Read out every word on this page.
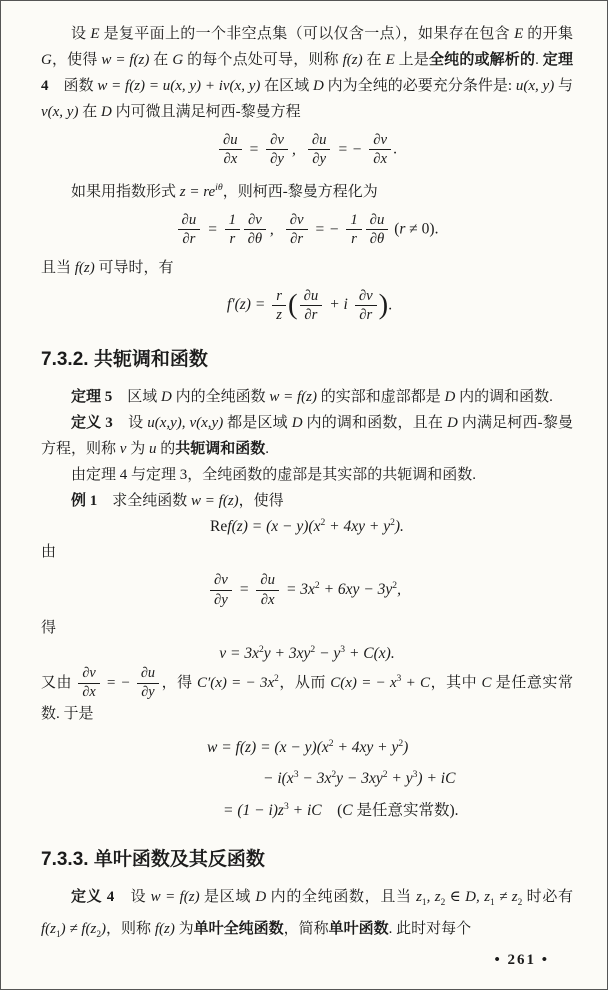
设 E 是复平面上的一个非空点集（可以仅含一点），如果存在包含 E 的开集 G，使得 w = f(z) 在 G 的每个点处可导，则称 f(z) 在 E 上是全纯的或解析的. 定理 4　函数 w = f(z) = u(x, y) + iv(x, y) 在区域 D 内为全纯的必要充分条件是: u(x, y) 与 v(x, y) 在 D 内可微且满足柯西-黎曼方程

$\frac{\partial u}{\partial x} = \frac{\partial v}{\partial y}$ , $\frac{\partial u}{\partial y}$ = − $\frac{\partial v}{\partial x}$ .

如果用指数形式 $z = re^{i\theta}$，则柯西-黎曼方程化为

$\frac{\partial u}{\partial r} = \frac{1}{r} \frac{\partial v}{\partial\theta}$ , $\frac{\partial v}{\partial r}$ = − $\frac{1}{r} \frac{\partial u}{\partial\theta} (r \ne 0)$.

且当 f(z) 可导时，有

$f'(z) = \frac{r}{z}$ ( $\frac{\partial u}{\partial r} + i \frac{\partial v}{\partial r}$ ).
7.3.2. 共轭调和函数

定理 5　区域 D 内的全纯函数 w = f(z) 的实部和虚部都是 D 内的调和函数.

定义 3　设 u(x,y), v(x,y) 都是区域 D 内的调和函数，且在 D 内满足柯西-黎曼方程，则称 v 为 u 的共轭调和函数.

由定理 4 与定理 3，全纯函数的虚部是其实部的共轭调和函数.

例 1　求全纯函数 w = f(z)，使得

$Ref(z) = (x - y)(x^2 + 4xy + y^2)$.

由

$\frac{\partial v}{\partial y} = \frac{\partial u}{\partial x} = 3x^2 + 6xy - 3y^2$,

得

$v = 3x^2y + 3xy^2 - y^3 + C(x)$.

又由 $\frac{\partial v}{\partial x}$ = − $\frac{\partial u}{\partial y}$ ，得 C′(x) = − $3x^2$，从而 C(x) = − $x^3 + C$，其中 C 是任意实常数. 于是

$w = f(z) = (x - y)(x^2 + 4xy + y^2)$
− $i(x^3 - 3x^2y - 3xy^2 + y^3)$ + iC
= $(1 - i)z^3$ + iC　(C 是任意实常数).
7.3.3. 单叶函数及其反函数

定义 4　设 w = f(z) 是区域 D 内的全纯函数，且当 $z_1$, $z_2$ ∈ D, $z_1 \ne z_2$ 时必有 $f(z_1) \ne f(z_2)$，则称 f(z) 为单叶全纯函数，简称单叶函数. 此时对每个

• 261 •
